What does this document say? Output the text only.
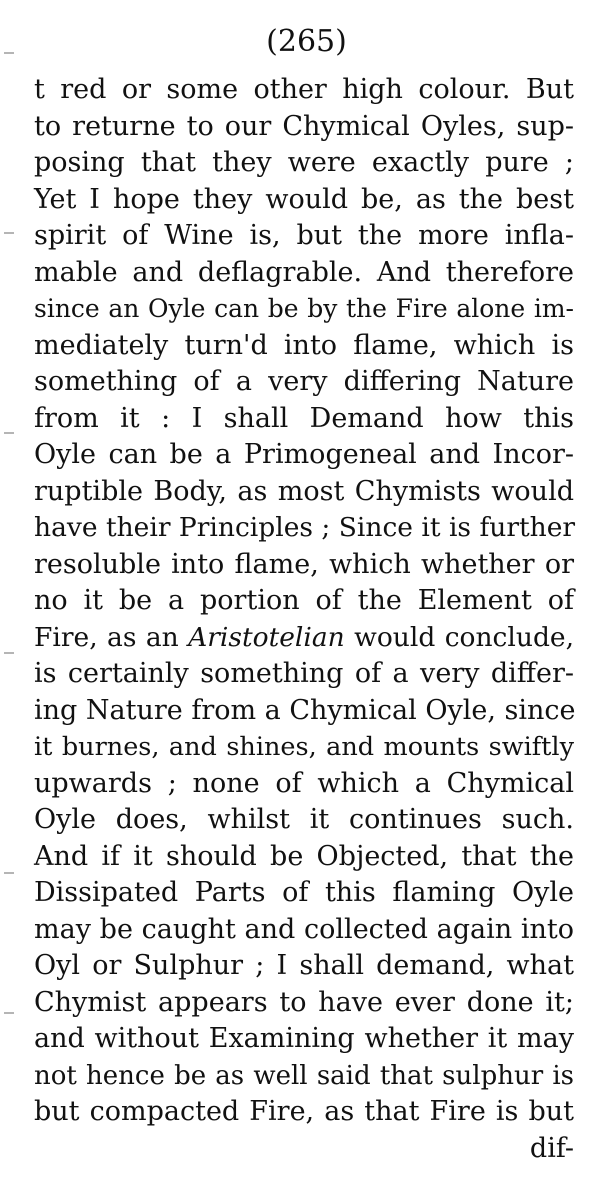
(265)
t red or some other high colour. But
to returne to our Chymical Oyles, sup-
posing that they were exactly pure ;
Yet I hope they would be, as the best
spirit of Wine is, but the more infla-
mable and deflagrable. And therefore
since an Oyle can be by the Fire alone im-
mediately turn'd into flame, which is
something of a very differing Nature
from it : I shall Demand how this
Oyle can be a Primogeneal and Incor-
ruptible Body, as most Chymists would
have their Principles ; Since it is further
resoluble into flame, which whether or
no it be a portion of the Element of
Fire, as an Aristotelian would conclude,
is certainly something of a very differ-
ing Nature from a Chymical Oyle, since
it burnes, and shines, and mounts swiftly
upwards ; none of which a Chymical
Oyle does, whilst it continues such.
And if it should be Objected, that the
Dissipated Parts of this flaming Oyle
may be caught and collected again into
Oyl or Sulphur ; I shall demand, what
Chymist appears to have ever done it;
and without Examining whether it may
not hence be as well said that sulphur is
but compacted Fire, as that Fire is but
dif-
